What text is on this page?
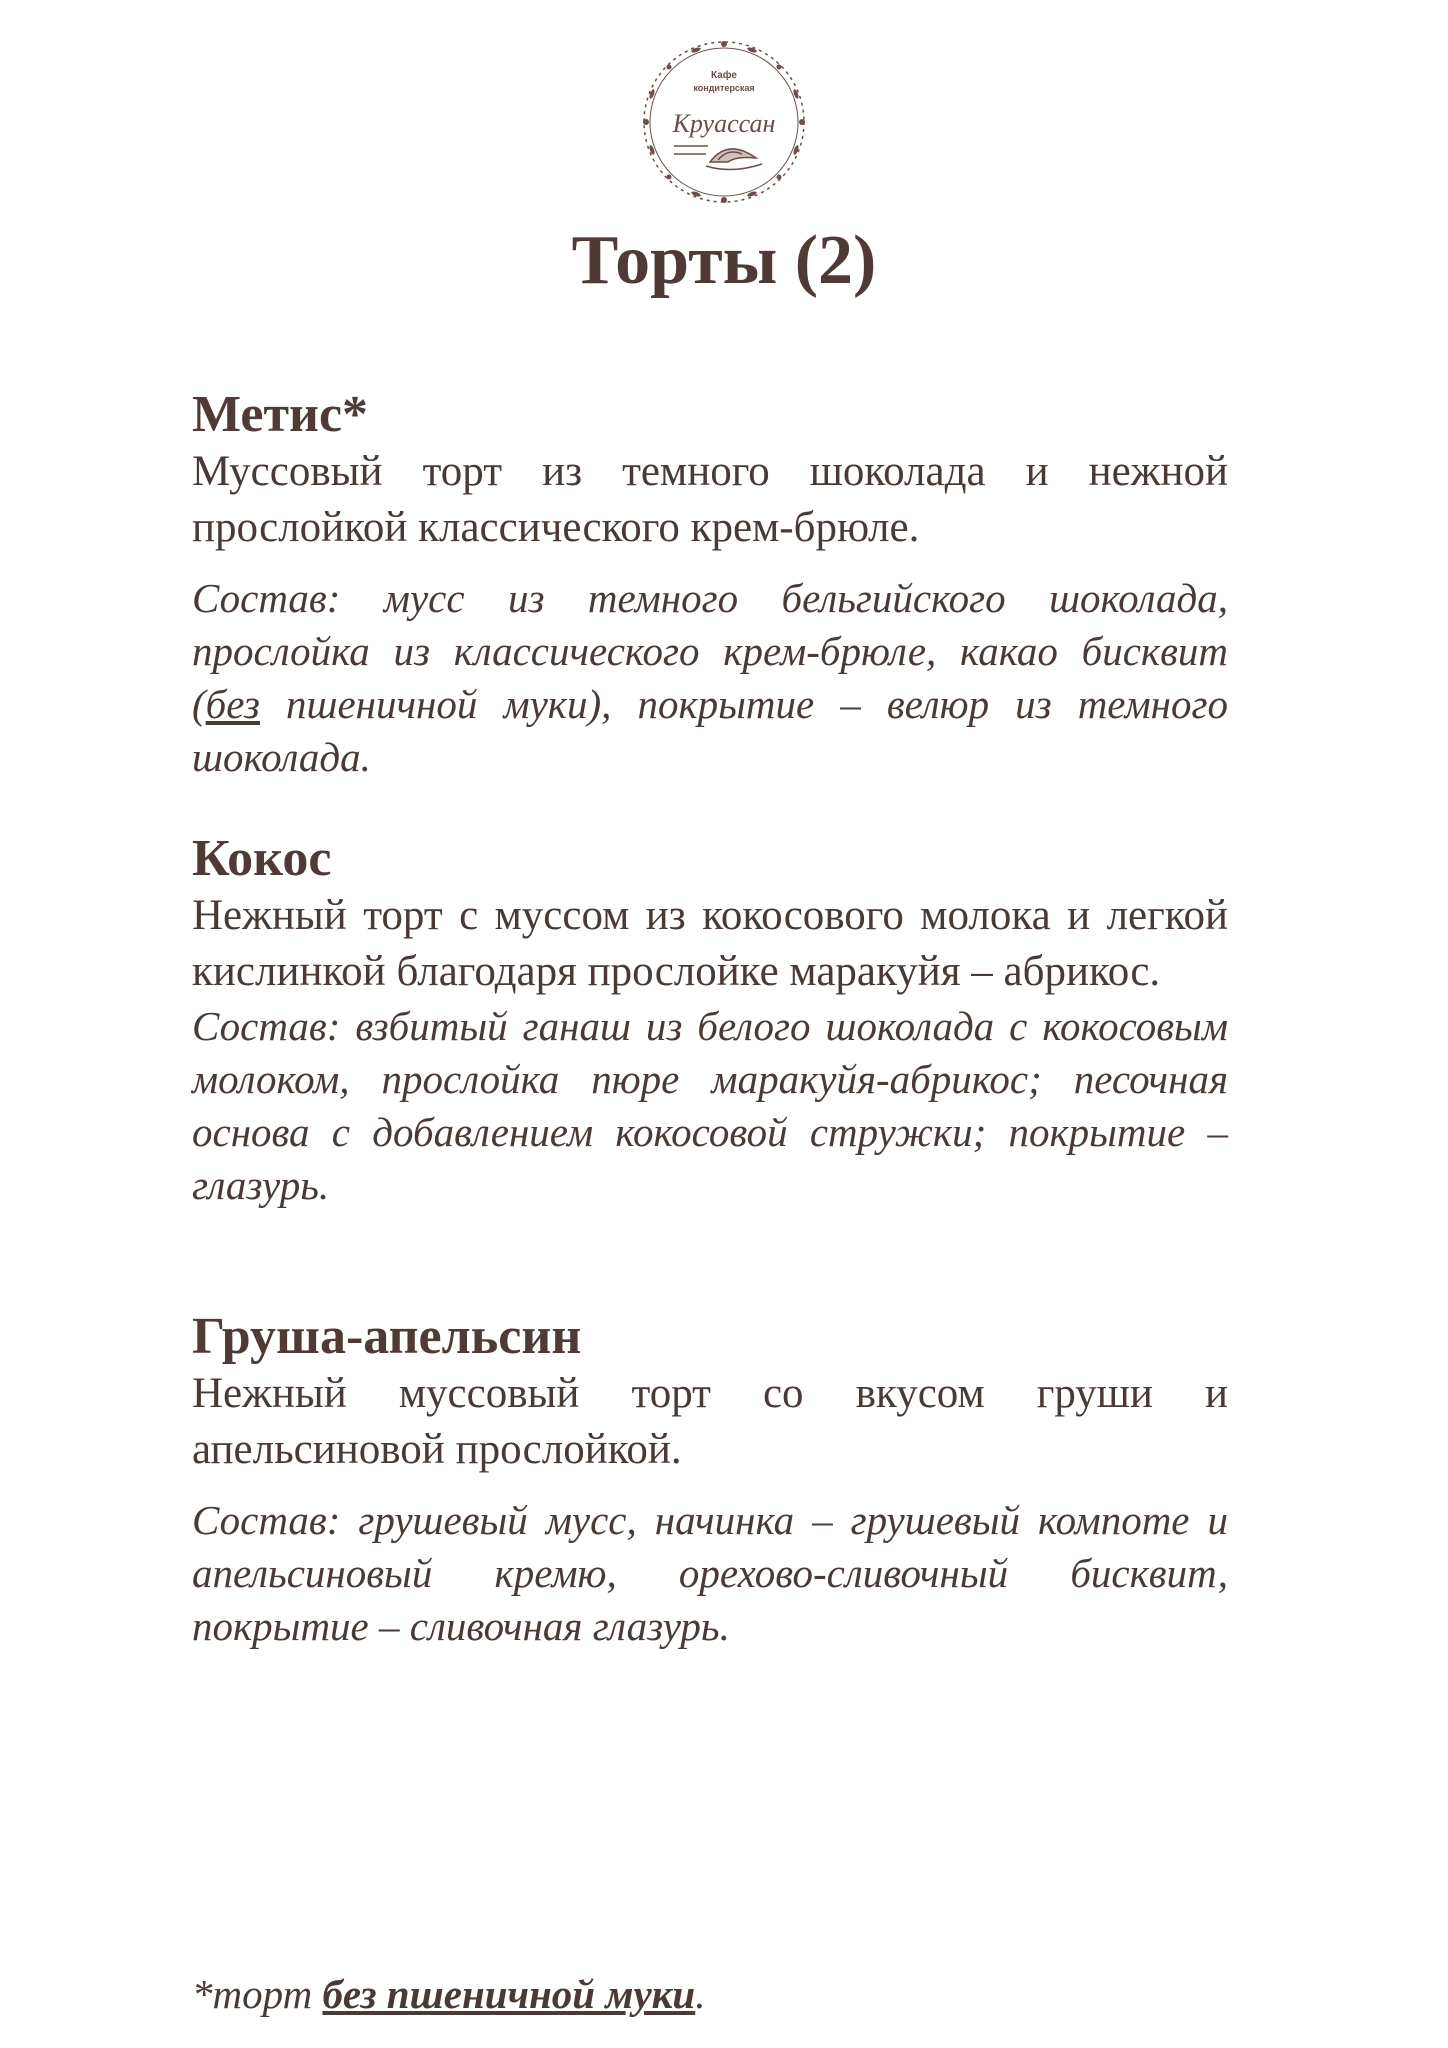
Кафе
кондитерская
Круассан
Торты (2)

Метис*

Муссовый торт из темного шоколада и нежной прослойкой классического крем-брюле.

Состав: мусс из темного бельгийского шоколада, прослойка из классического крем-брюле, какао бисквит (без пшеничной муки), покрытие – велюр из темного шоколада.

Кокос

Нежный торт с муссом из кокосового молока и легкой кислинкой благодаря прослойке маракуйя – абрикос.

Состав: взбитый ганаш из белого шоколада с кокосовым молоком, прослойка пюре маракуйя-абрикос; песочная основа с добавлением кокосовой стружки; покрытие – глазурь.

Груша-апельсин

Нежный муссовый торт со вкусом груши и апельсиновой прослойкой.

Состав: грушевый мусс, начинка – грушевый компоте и апельсиновый кремю, орехово-сливочный бисквит, покрытие – сливочная глазурь.

*торт без пшеничной муки.
